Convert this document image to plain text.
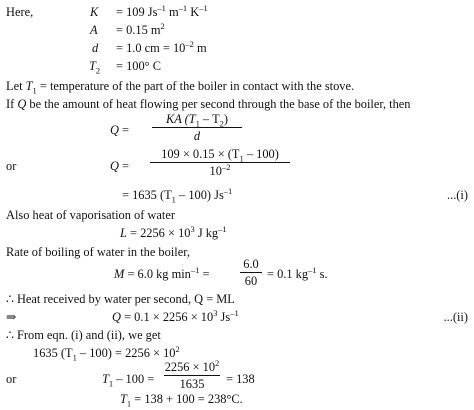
Here,	K = 109 $Js^{-1}$ $m^{-1}$ $K^{-1}$
A = 0.15 $m^2$
d = 1.0 cm = $10^{-2}$ m
$T_2 = 100^\circ$ C
Let $T_1$ = temperature of the part of the boiler in contact with the stove.
If Q be the amount of heat flowing per second through the base of the boiler, then
Q =
KA $(T_1 - T_2)$
d
or	Q =
$109 \times 0.15 \times (T_1 - 100)$
$10^{-2}$
= 1635 $(T_1 - 100)$ $Js^{-1}$	...(i)
Also heat of vaporisation of water
$L = 2256 \times 10^3$ J $kg^{-1}$
Rate of boiling of water in the boiler,
M = 6.0 kg $\min^{-1}$ =
6.0
60
= 0.1 $kg^{-1}$ s.
∴ Heat received by water per second, Q = ML
⇒	$Q = 0.1 \times 2256 \times 10^3$ $Js^{-1}$	...(ii)
∴ From eqn. (i) and (ii), we get
1635 $(T_1 - 100) = 2256 \times 10^2$
or	$T_1 - 100$ =
$2256 \times 10^2$
1635	= 138
$T_1 = 138 + 100 = 238^\circ C$.
